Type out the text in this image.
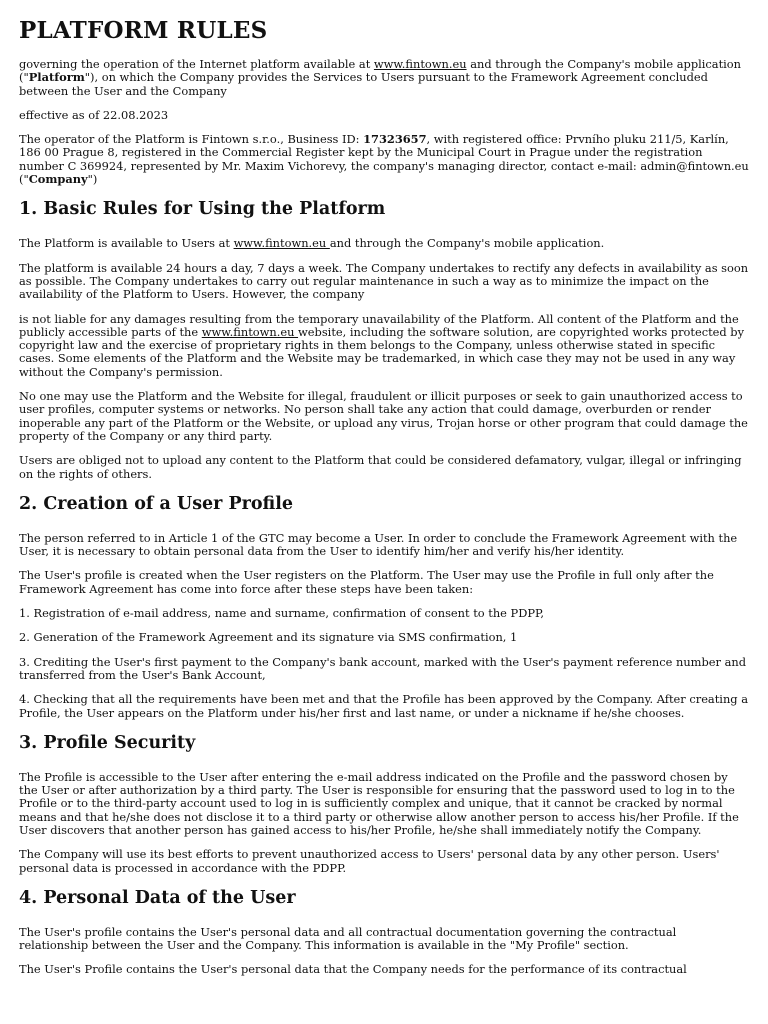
PLATFORM RULES

governing the operation of the Internet platform available at www.fintown.eu and through the Company's mobile application ("Platform"), on which the Company provides the Services to Users pursuant to the Framework Agreement concluded between the User and the Company

effective as of 22.08.2023

The operator of the Platform is Fintown s.r.o., Business ID: 17323657, with registered office: Prvního pluku 211/5, Karlín, 186 00 Prague 8, registered in the Commercial Register kept by the Municipal Court in Prague under the registration number C 369924, represented by Mr. Maxim Vichorevy, the company's managing director, contact e-mail: admin@fintown.eu ("Company")

1. Basic Rules for Using the Platform

The Platform is available to Users at www.fintown.eu and through the Company's mobile application.

The platform is available 24 hours a day, 7 days a week. The Company undertakes to rectify any defects in availability as soon as possible. The Company undertakes to carry out regular maintenance in such a way as to minimize the impact on the availability of the Platform to Users. However, the company

is not liable for any damages resulting from the temporary unavailability of the Platform. All content of the Platform and the publicly accessible parts of the www.fintown.eu website, including the software solution, are copyrighted works protected by copyright law and the exercise of proprietary rights in them belongs to the Company, unless otherwise stated in specific cases. Some elements of the Platform and the Website may be trademarked, in which case they may not be used in any way without the Company's permission.

No one may use the Platform and the Website for illegal, fraudulent or illicit purposes or seek to gain unauthorized access to user profiles, computer systems or networks. No person shall take any action that could damage, overburden or render inoperable any part of the Platform or the Website, or upload any virus, Trojan horse or other program that could damage the property of the Company or any third party.

Users are obliged not to upload any content to the Platform that could be considered defamatory, vulgar, illegal or infringing on the rights of others.

2. Creation of a User Profile

The person referred to in Article 1 of the GTC may become a User. In order to conclude the Framework Agreement with the User, it is necessary to obtain personal data from the User to identify him/her and verify his/her identity.

The User's profile is created when the User registers on the Platform. The User may use the Profile in full only after the Framework Agreement has come into force after these steps have been taken:

1. Registration of e-mail address, name and surname, confirmation of consent to the PDPP,

2. Generation of the Framework Agreement and its signature via SMS confirmation, 1

3. Crediting the User's first payment to the Company's bank account, marked with the User's payment reference number and transferred from the User's Bank Account,

4. Checking that all the requirements have been met and that the Profile has been approved by the Company. After creating a Profile, the User appears on the Platform under his/her first and last name, or under a nickname if he/she chooses.

3. Profile Security

The Profile is accessible to the User after entering the e-mail address indicated on the Profile and the password chosen by the User or after authorization by a third party. The User is responsible for ensuring that the password used to log in to the Profile or to the third-party account used to log in is sufficiently complex and unique, that it cannot be cracked by normal means and that he/she does not disclose it to a third party or otherwise allow another person to access his/her Profile. If the User discovers that another person has gained access to his/her Profile, he/she shall immediately notify the Company.

The Company will use its best efforts to prevent unauthorized access to Users' personal data by any other person. Users' personal data is processed in accordance with the PDPP.

4. Personal Data of the User

The User's profile contains the User's personal data and all contractual documentation governing the contractual relationship between the User and the Company. This information is available in the "My Profile" section.

The User's Profile contains the User's personal data that the Company needs for the performance of its contractual
